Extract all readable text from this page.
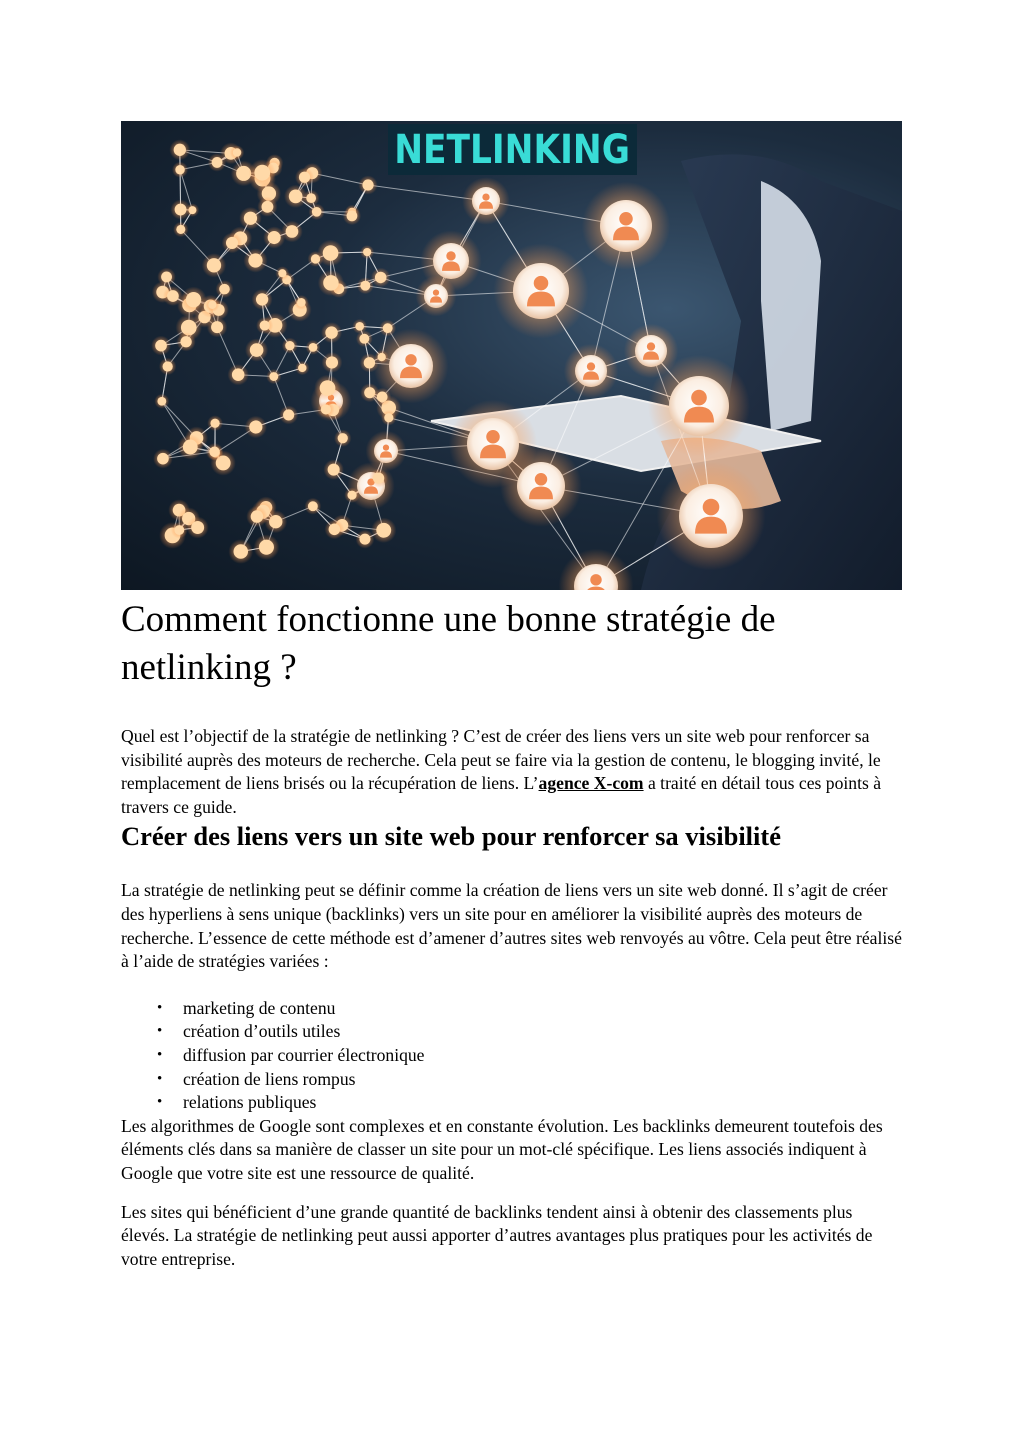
NETLINKING
Comment fonctionne une bonne stratégie de netlinking ?

Quel est l’objectif de la stratégie de netlinking ? C’est de créer des liens vers un site web pour renforcer sa visibilité auprès des moteurs de recherche. Cela peut se faire via la gestion de contenu, le blogging invité, le remplacement de liens brisés ou la récupération de liens. L’agence X-com a traité en détail tous ces points à travers ce guide.

Créer des liens vers un site web pour renforcer sa visibilité

La stratégie de netlinking peut se définir comme la création de liens vers un site web donné. Il s’agit de créer des hyperliens à sens unique (backlinks) vers un site pour en améliorer la visibilité auprès des moteurs de recherche. L’essence de cette méthode est d’amener d’autres sites web renvoyés au vôtre. Cela peut être réalisé à l’aide de stratégies variées :

• marketing de contenu
• création d’outils utiles
• diffusion par courrier électronique
• création de liens rompus
• relations publiques

Les algorithmes de Google sont complexes et en constante évolution. Les backlinks demeurent toutefois des éléments clés dans sa manière de classer un site pour un mot-clé spécifique. Les liens associés indiquent à Google que votre site est une ressource de qualité.

Les sites qui bénéficient d’une grande quantité de backlinks tendent ainsi à obtenir des classements plus élevés. La stratégie de netlinking peut aussi apporter d’autres avantages plus pratiques pour les activités de votre entreprise.
